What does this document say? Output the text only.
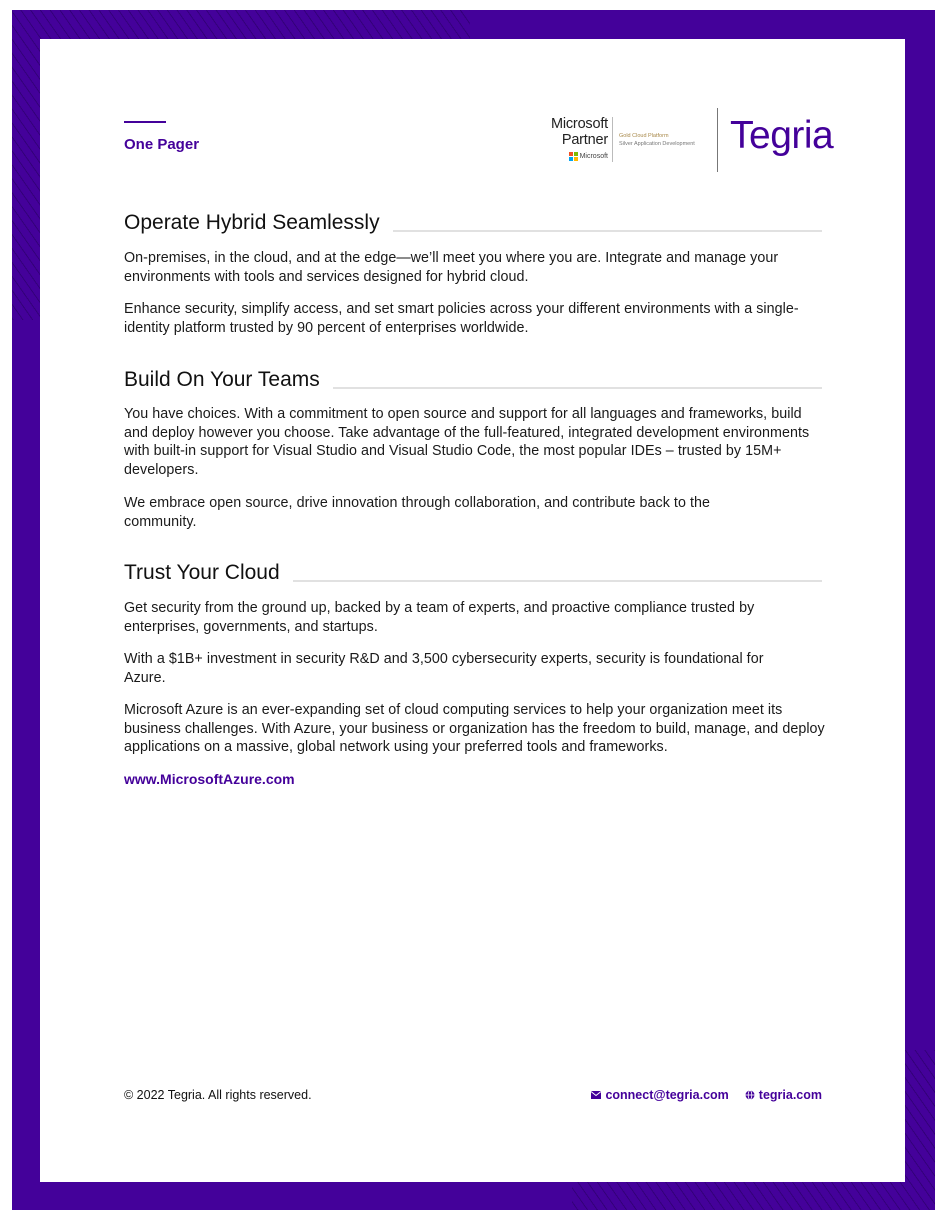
One Pager
Microsoft
Partner
Microsoft
Gold Cloud Platform
Silver Application Development Tegria
Operate Hybrid Seamlessly

On-premises, in the cloud, and at the edge—we’ll meet you where you are. Integrate and manage your environments with tools and services designed for hybrid cloud.

Enhance security, simplify access, and set smart policies across your different environments with a single-identity platform trusted by 90 percent of enterprises worldwide.

Build On Your Teams

You have choices. With a commitment to open source and support for all languages and frameworks, build and deploy however you choose. Take advantage of the full-featured, integrated development environments with built-in support for Visual Studio and Visual Studio Code, the most popular IDEs – trusted by 15M+ developers.

We embrace open source, drive innovation through collaboration, and contribute back to the community.

Trust Your Cloud

Get security from the ground up, backed by a team of experts, and proactive compliance trusted by enterprises, governments, and startups.

With a $1B+ investment in security R&D and 3,500 cybersecurity experts, security is foundational for Azure.

Microsoft Azure is an ever-expanding set of cloud computing services to help your organization meet its business challenges. With Azure, your business or organization has the freedom to build, manage, and deploy applications on a massive, global network using your preferred tools and frameworks.

www.MicrosoftAzure.com
© 2022 Tegria. All rights reserved.	connect@tegria.com tegria.com
